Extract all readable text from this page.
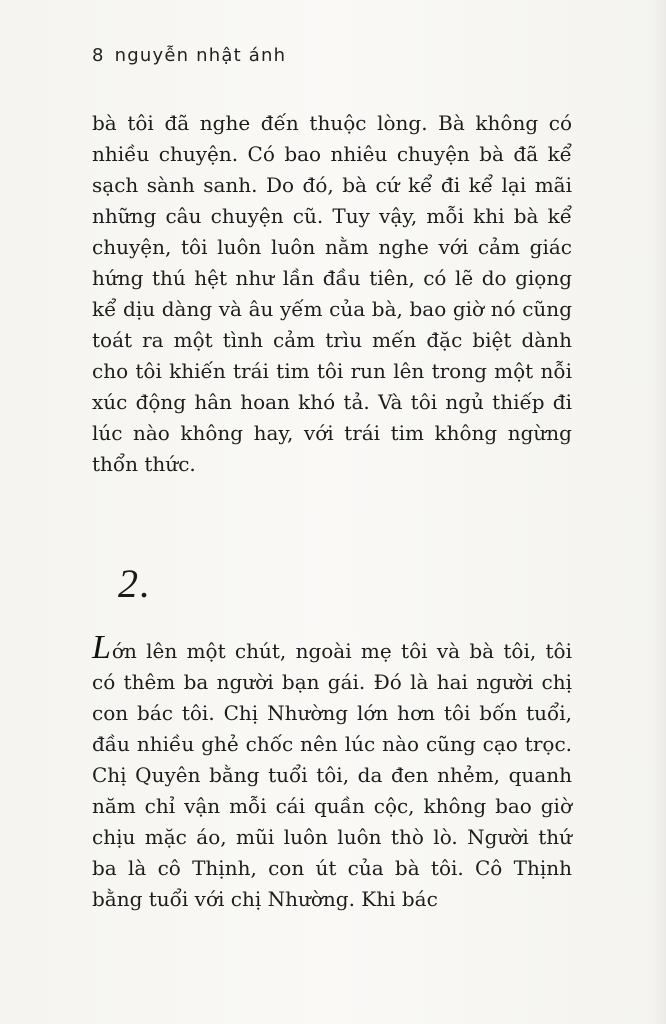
8 nguyễn nhật ánh
bà tôi đã nghe đến thuộc lòng. Bà không có nhiều chuyện. Có bao nhiêu chuyện bà đã kể sạch sành sanh. Do đó, bà cứ kể đi kể lại mãi những câu chuyện cũ. Tuy vậy, mỗi khi bà kể chuyện, tôi luôn luôn nằm nghe với cảm giác hứng thú hệt như lần đầu tiên, có lẽ do giọng kể dịu dàng và âu yếm của bà, bao giờ nó cũng toát ra một tình cảm trìu mến đặc biệt dành cho tôi khiến trái tim tôi run lên trong một nỗi xúc động hân hoan khó tả. Và tôi ngủ thiếp đi lúc nào không hay, với trái tim không ngừng thổn thức.
2.
Lớn lên một chút, ngoài mẹ tôi và bà tôi, tôi có thêm ba người bạn gái. Đó là hai người chị con bác tôi. Chị Nhường lớn hơn tôi bốn tuổi, đầu nhiều ghẻ chốc nên lúc nào cũng cạo trọc. Chị Quyên bằng tuổi tôi, da đen nhẻm, quanh năm chỉ vận mỗi cái quần cộc, không bao giờ chịu mặc áo, mũi luôn luôn thò lò. Người thứ ba là cô Thịnh, con út của bà tôi. Cô Thịnh bằng tuổi với chị Nhường. Khi bác
